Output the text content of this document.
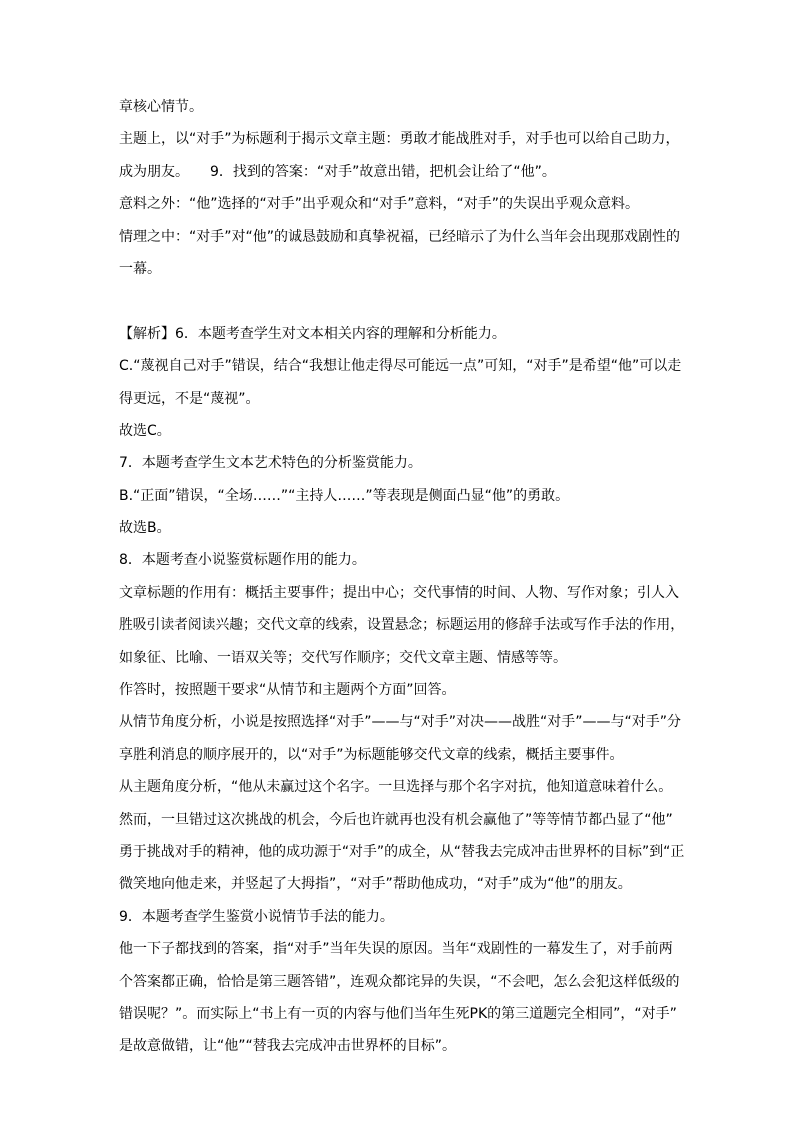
章核心情节。
主题上，以“对手”为标题利于揭示文章主题：勇敢才能战胜对手，对手也可以给自己助力，
成为朋友。　　9．找到的答案：“对手”故意出错，把机会让给了“他”。
意料之外：“他”选择的“对手”出乎观众和“对手”意料，“对手”的失误出乎观众意料。
情理之中：“对手”对“他”的诚恳鼓励和真挚祝福，已经暗示了为什么当年会出现那戏剧性的
一幕。
【解析】6．本题考查学生对文本相关内容的理解和分析能力。
C.“蔑视自己对手”错误，结合“我想让他走得尽可能远一点”可知，“对手”是希望“他”可以走
得更远，不是“蔑视”。
故选C。
7．本题考查学生文本艺术特色的分析鉴赏能力。
B.“正面”错误，“全场……”“主持人……”等表现是侧面凸显“他”的勇敢。
故选B。
8．本题考查小说鉴赏标题作用的能力。
文章标题的作用有：概括主要事件；提出中心；交代事情的时间、人物、写作对象；引人入
胜吸引读者阅读兴趣；交代文章的线索，设置悬念；标题运用的修辞手法或写作手法的作用，
如象征、比喻、一语双关等；交代写作顺序；交代文章主题、情感等等。
作答时，按照题干要求“从情节和主题两个方面”回答。
从情节角度分析，小说是按照选择“对手”——与“对手”对决——战胜“对手”——与“对手”分
享胜利消息的顺序展开的，以“对手”为标题能够交代文章的线索，概括主要事件。
从主题角度分析，“他从未赢过这个名字。一旦选择与那个名字对抗，他知道意味着什么。
然而，一旦错过这次挑战的机会，今后也许就再也没有机会赢他了”等等情节都凸显了“他”
勇于挑战对手的精神，他的成功源于“对手”的成全，从“替我去完成冲击世界杯的目标”到“正
微笑地向他走来，并竖起了大拇指”，“对手”帮助他成功，“对手”成为“他”的朋友。
9．本题考查学生鉴赏小说情节手法的能力。
他一下子都找到的答案，指“对手”当年失误的原因。当年“戏剧性的一幕发生了，对手前两
个答案都正确，恰恰是第三题答错”，连观众都诧异的失误，“不会吧，怎么会犯这样低级的
错误呢？”。而实际上“书上有一页的内容与他们当年生死PK的第三道题完全相同”，“对手”
是故意做错，让“他”“替我去完成冲击世界杯的目标”。
